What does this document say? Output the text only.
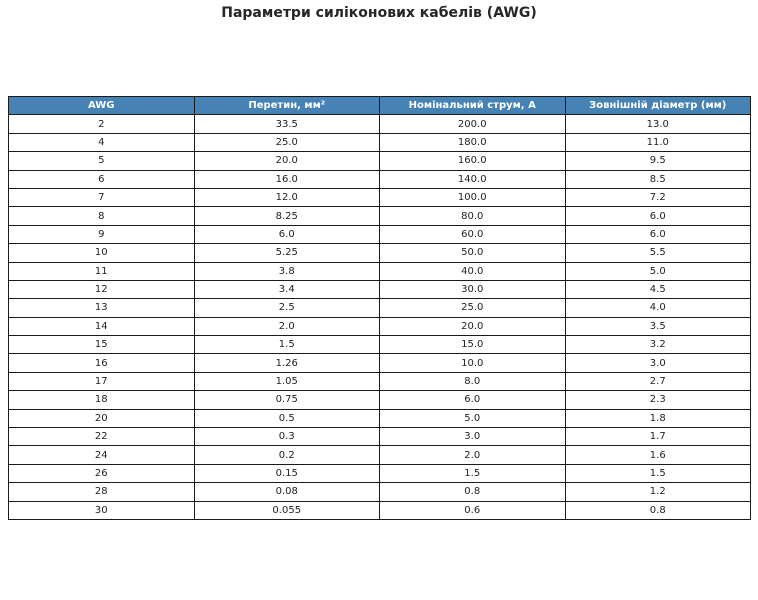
Параметри силіконових кабелів (AWG)
AWG	Перетин, мм²	Номінальний струм, А	Зовнішній діаметр (мм)
2	33.5	200.0	13.0
4	25.0	180.0	11.0
5	20.0	160.0	9.5
6	16.0	140.0	8.5
7	12.0	100.0	7.2
8	8.25	80.0	6.0
9	6.0	60.0	6.0
10	5.25	50.0	5.5
11	3.8	40.0	5.0
12	3.4	30.0	4.5
13	2.5	25.0	4.0
14	2.0	20.0	3.5
15	1.5	15.0	3.2
16	1.26	10.0	3.0
17	1.05	8.0	2.7
18	0.75	6.0	2.3
20	0.5	5.0	1.8
22	0.3	3.0	1.7
24	0.2	2.0	1.6
26	0.15	1.5	1.5
28	0.08	0.8	1.2
30	0.055	0.6	0.8
